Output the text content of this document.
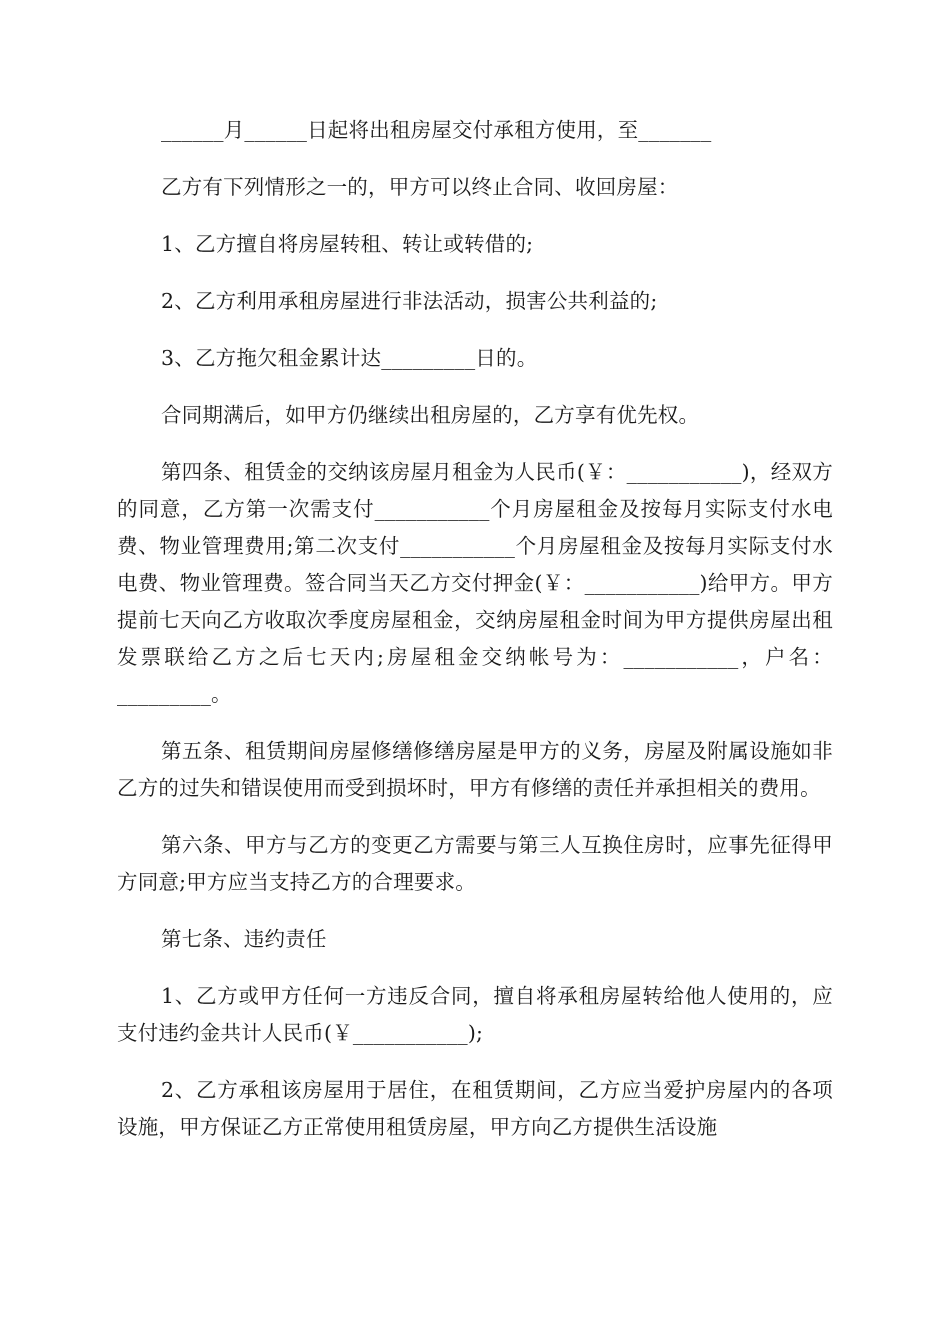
______月______日起将出租房屋交付承租方使用，至_______

乙方有下列情形之一的，甲方可以终止合同、收回房屋：

1、乙方擅自将房屋转租、转让或转借的;

2、乙方利用承租房屋进行非法活动，损害公共利益的;

3、乙方拖欠租金累计达_________日的。

合同期满后，如甲方仍继续出租房屋的，乙方享有优先权。

第四条、租赁金的交纳该房屋月租金为人民币(￥：___________)，经双方的同意，乙方第一次需支付___________个月房屋租金及按每月实际支付水电费、物业管理费用;第二次支付___________个月房屋租金及按每月实际支付水电费、物业管理费。签合同当天乙方交付押金(￥：___________)给甲方。甲方提前七天向乙方收取次季度房屋租金，交纳房屋租金时间为甲方提供房屋出租发票联给乙方之后七天内;房屋租金交纳帐号为：___________，户名：_________。

第五条、租赁期间房屋修缮修缮房屋是甲方的义务，房屋及附属设施如非乙方的过失和错误使用而受到损坏时，甲方有修缮的责任并承担相关的费用。

第六条、甲方与乙方的变更乙方需要与第三人互换住房时，应事先征得甲方同意;甲方应当支持乙方的合理要求。

第七条、违约责任

1、乙方或甲方任何一方违反合同，擅自将承租房屋转给他人使用的，应支付违约金共计人民币(￥___________);

2、乙方承租该房屋用于居住，在租赁期间，乙方应当爱护房屋内的各项设施，甲方保证乙方正常使用租赁房屋，甲方向乙方提供生活设施
